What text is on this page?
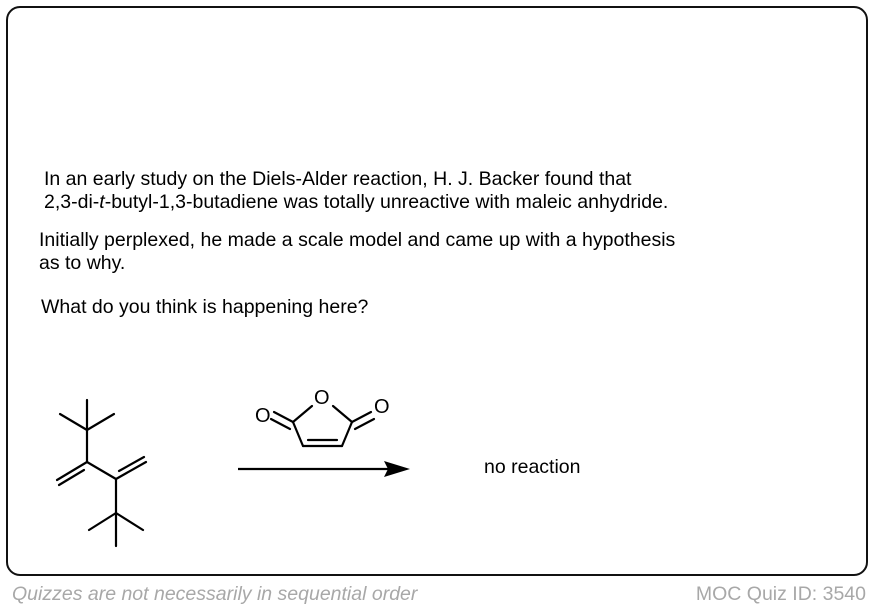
In an early study on the Diels-Alder reaction, H. J. Backer found that
2,3-di-t-butyl-1,3-butadiene was totally unreactive with maleic anhydride.
Initially perplexed, he made a scale model and came up with a hypothesis
as to why.
What do you think is happening here?
O
O	O
no reaction
Quizzes are not necessarily in sequential order	MOC Quiz ID: 3540
